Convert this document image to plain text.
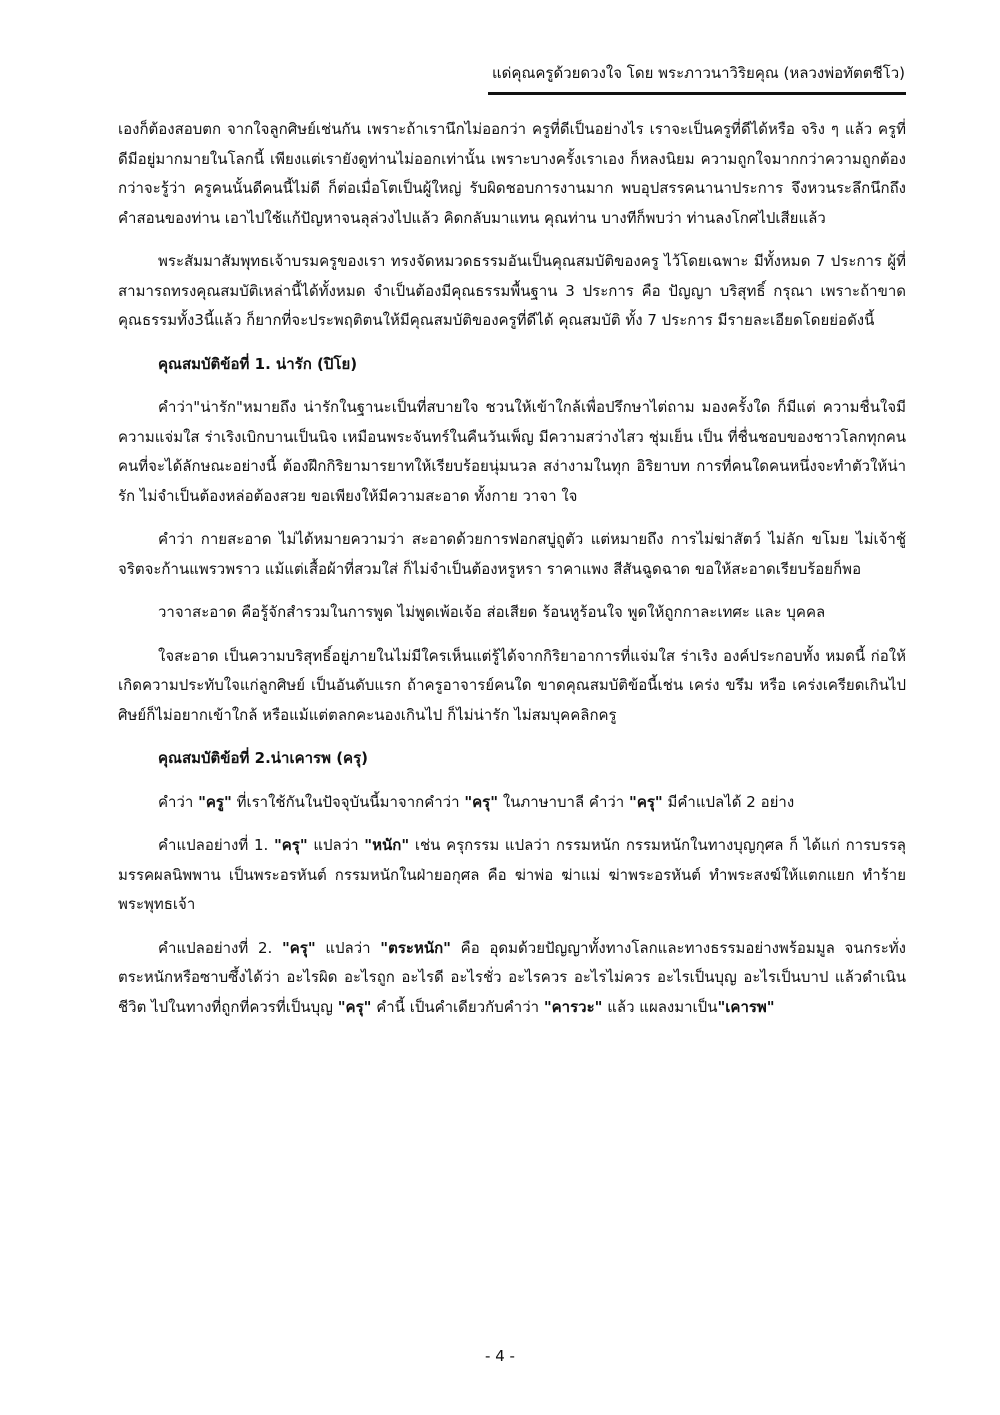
แด่คุณครูด้วยดวงใจ โดย พระภาวนาวิริยคุณ (หลวงพ่อทัตตชีโว)

เองก็ต้องสอบตก จากใจลูกศิษย์เช่นกัน เพราะถ้าเรานึกไม่ออกว่า ครูที่ดีเป็นอย่างไร เราจะเป็นครูที่ดีได้หรือ จริง ๆ แล้ว ครูที่ดีมีอยู่มากมายในโลกนี้ เพียงแต่เรายังดูท่านไม่ออกเท่านั้น เพราะบางครั้งเราเอง ก็หลงนิยม ความถูกใจมากกว่าความถูกต้อง กว่าจะรู้ว่า ครูคนนั้นดีคนนี้ไม่ดี ก็ต่อเมื่อโตเป็นผู้ใหญ่ รับผิดชอบการงานมาก พบอุปสรรคนานาประการ จึงหวนระลึกนึกถึงคำสอนของท่าน เอาไปใช้แก้ปัญหาจนลุล่วงไปแล้ว คิดกลับมาแทน คุณท่าน บางทีก็พบว่า ท่านลงโกศไปเสียแล้ว

พระสัมมาสัมพุทธเจ้าบรมครูของเรา ทรงจัดหมวดธรรมอันเป็นคุณสมบัติของครู ไว้โดยเฉพาะ มีทั้งหมด 7 ประการ ผู้ที่สามารถทรงคุณสมบัติเหล่านี้ได้ทั้งหมด จำเป็นต้องมีคุณธรรมพื้นฐาน 3 ประการ คือ ปัญญา บริสุทธิ์ กรุณา เพราะถ้าขาดคุณธรรมทั้ง3นี้แล้ว ก็ยากที่จะประพฤติตนให้มีคุณสมบัติของครูที่ดีได้ คุณสมบัติ ทั้ง 7 ประการ มีรายละเอียดโดยย่อดังนี้

คุณสมบัติข้อที่ 1. น่ารัก (ปิโย)

คำว่า"น่ารัก"หมายถึง น่ารักในฐานะเป็นที่สบายใจ ชวนให้เข้าใกล้เพื่อปรึกษาไต่ถาม มองครั้งใด ก็มีแต่ ความชื่นใจมีความแจ่มใส ร่าเริงเบิกบานเป็นนิจ เหมือนพระจันทร์ในคืนวันเพ็ญ มีความสว่างไสว ชุ่มเย็น เป็น ที่ชื่นชอบของชาวโลกทุกคน คนที่จะได้ลักษณะอย่างนี้ ต้องฝึกกิริยามารยาทให้เรียบร้อยนุ่มนวล สง่างามในทุก อิริยาบท การที่คนใดคนหนึ่งจะทำตัวให้น่ารัก ไม่จำเป็นต้องหล่อต้องสวย ขอเพียงให้มีความสะอาด ทั้งกาย วาจา ใจ

คำว่า กายสะอาด ไม่ได้หมายความว่า สะอาดด้วยการฟอกสบู่ถูตัว แต่หมายถึง การไม่ฆ่าสัตว์ ไม่ลัก ขโมย ไม่เจ้าชู้ จริตจะก้านแพรวพราว แม้แต่เสื้อผ้าที่สวมใส่ ก็ไม่จำเป็นต้องหรูหรา ราคาแพง สีสันฉูดฉาด ขอให้สะอาดเรียบร้อยก็พอ

วาจาสะอาด คือรู้จักสำรวมในการพูด ไม่พูดเพ้อเจ้อ ส่อเสียด ร้อนหูร้อนใจ พูดให้ถูกกาละเทศะ และ บุคคล

ใจสะอาด เป็นความบริสุทธิ์อยู่ภายในไม่มีใครเห็นแต่รู้ได้จากกิริยาอาการที่แจ่มใส ร่าเริง องค์ประกอบทั้ง หมดนี้ ก่อให้เกิดความประทับใจแก่ลูกศิษย์ เป็นอันดับแรก ถ้าครูอาจารย์คนใด ขาดคุณสมบัติข้อนี้เช่น เคร่ง ขรึม หรือ เคร่งเครียดเกินไป ศิษย์ก็ไม่อยากเข้าใกล้ หรือแม้แต่ตลกคะนองเกินไป ก็ไม่น่ารัก ไม่สมบุคคลิกครู

คุณสมบัติข้อที่ 2.น่าเคารพ (ครุ)

คำว่า "ครู" ที่เราใช้กันในปัจจุบันนี้มาจากคำว่า "ครุ" ในภาษาบาลี คำว่า "ครุ" มีคำแปลได้ 2 อย่าง

คำแปลอย่างที่ 1. "ครุ" แปลว่า "หนัก" เช่น ครุกรรม แปลว่า กรรมหนัก กรรมหนักในทางบุญกุศล ก็ ได้แก่ การบรรลุมรรคผลนิพพาน เป็นพระอรหันต์ กรรมหนักในฝ่ายอกุศล คือ ฆ่าพ่อ ฆ่าแม่ ฆ่าพระอรหันต์ ทำพระสงฆ์ให้แตกแยก ทำร้ายพระพุทธเจ้า

คำแปลอย่างที่ 2. "ครุ" แปลว่า "ตระหนัก" คือ อุดมด้วยปัญญาทั้งทางโลกและทางธรรมอย่างพร้อมมูล จนกระทั่ง ตระหนักหรือซาบซึ้งได้ว่า อะไรผิด อะไรถูก อะไรดี อะไรชั่ว อะไรควร อะไรไม่ควร อะไรเป็นบุญ อะไรเป็นบาป แล้วดำเนินชีวิต ไปในทางที่ถูกที่ควรที่เป็นบุญ "ครุ" คำนี้ เป็นคำเดียวกับคำว่า "คารวะ" แล้ว แผลงมาเป็น"เคารพ"

- 4 -
